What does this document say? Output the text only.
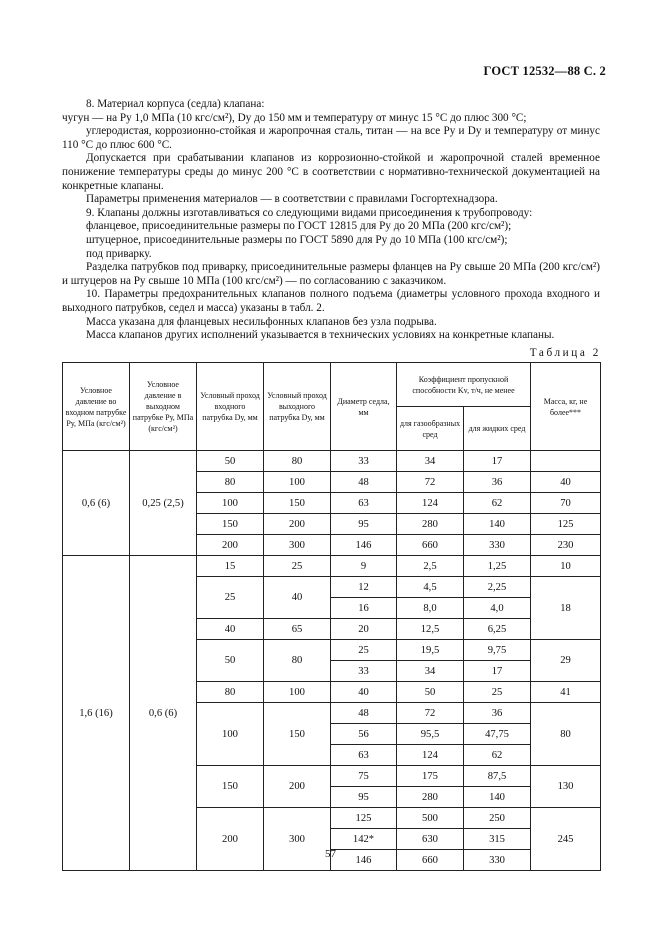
ГОСТ 12532—88 С. 2

8. Материал корпуса (седла) клапана:

чугун — на Pу 1,0 МПа (10 кгс/см²), Dу до 150 мм и температуру от минус 15 °С до плюс 300 °С;

углеродистая, коррозионно-стойкая и жаропрочная сталь, титан — на все Pу и Dу и температуру от минус 110 °С до плюс 600 °С.

Допускается при срабатывании клапанов из коррозионно-стойкой и жаропрочной сталей временное понижение температуры среды до минус 200 °С в соответствии с нормативно-технической документацией на конкретные клапаны.

Параметры применения материалов — в соответствии с правилами Госгортехнадзора.

9. Клапаны должны изготавливаться со следующими видами присоединения к трубопроводу:

фланцевое, присоединительные размеры по ГОСТ 12815 для Pу до 20 МПа (200 кгс/см²);

штуцерное, присоединительные размеры по ГОСТ 5890 для Pу до 10 МПа (100 кгс/см²);

под приварку.

Разделка патрубков под приварку, присоединительные размеры фланцев на Pу свыше 20 МПа (200 кгс/см²) и штуцеров на Pу свыше 10 МПа (100 кгс/см²) — по согласованию с заказчиком.

10. Параметры предохранительных клапанов полного подъема (диаметры условного прохода входного и выходного патрубков, седел и масса) указаны в табл. 2.

Масса указана для фланцевых несильфонных клапанов без узла подрыва.

Масса клапанов других исполнений указывается в технических условиях на конкретные клапаны.

Таблица 2
Условное давление во входном патрубке Pу, МПа (кгс/см²)	Условное давление в выходном патрубке Pу, МПа (кгс/см²)	Условный проход входного патрубка Dу, мм	Условный проход выходного патрубка Dу, мм	Диаметр седла, мм	Коэффициент пропускной способности Kv, т/ч, не менее		Масса, кг, не более***
					для газообразных сред	для жидких сред	
0,6 (6)	0,25 (2,5)	50	80	33	34	17	
		80	100	48	72	36	40
		100	150	63	124	62	70
		150	200	95	280	140	125
		200	300	146	660	330	230
1,6 (16)	0,6 (6)	15	25	9	2,5	1,25	10
		25	40	12	4,5	2,25	18
				16	8,0	4,0	
		40	65	20	12,5	6,25	
		50	80	25	19,5	9,75	29
				33	34	17	
		80	100	40	50	25	41
		100	150	48	72	36	80
				56	95,5	47,75	
				63	124	62	
		150	200	75	175	87,5	130
				95	280	140	
		200	300	125	500	250	245
				142*	630	315	
				146	660	330	
57
